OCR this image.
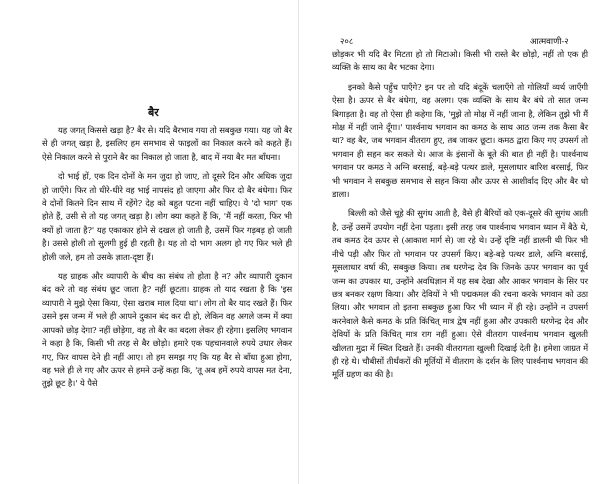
बैर

यह जगत् किससे खड़ा है? बैर से। यदि बैरभाव गया तो सबकुछ गया। यह जो बैर से ही जगत् खड़ा है, इसलिए हम समभाव से फाइलों का निकाल करने को कहते हैं। ऐसे निकाल करने से पुराने बैर का निकाल हो जाता है, बाद में नया बैर मत बाँधना।

दो भाई हों, एक दिन दोनों के मन जुदा हो जाए, तो दूसरे दिन और अधिक जुदा हो जाएँगे। फिर तो धीरे-धीरे वह भाई नापसंद हो जाएगा और फिर दो बैर बंधेगा। फिर वे दोनों कितने दिन साथ में रहेंगे? देह को बहुत पटना नहीं चाहिए। ये 'दो भाग' एक होते हैं, उसी से तो यह जगत् खड़ा है। लोग क्या कहते हैं कि, 'मैं नहीं करता, फिर भी क्यों हो जाता है?' यह एकाकार होने से दखल हो जाती है, उसमें फिर गड़बड़ हो जाती है। उससे होली तो सुलगी हुई ही रहती है। यह तो दो भाग अलग हो गए फिर भले ही होली जले, हम तो उसके ज्ञाता-दृष्टा हैं।

यह ग्राहक और व्यापारी के बीच का संबंध तो होता है न? और व्यापारी दुकान बंद करे तो वह संबंध छूट जाता है? नहीं छूटता। ग्राहक तो याद रखता है कि 'इस व्यापारी ने मुझे ऐसा किया, ऐसा खराब माल दिया था'। लोग तो बैर याद रखते हैं। फिर उसने इस जन्म में भले ही आपने दुकान बंद कर दी हो, लेकिन वह अगले जन्म में क्या आपको छोड़ देगा? नहीं छोड़ेगा, वह तो बैर का बदला लेकर ही रहेगा। इसलिए भगवान ने कहा है कि, किसी भी तरह से बैर छोड़ो। हमारे एक पहचानवाले रुपये उधार लेकर गए, फिर वापस देने ही नहीं आए। तो हम समझ गए कि यह बैर से बाँधा हुआ होगा, वह भले ही ले गए और ऊपर से हमने उन्हें कहा कि, 'तू अब हमें रुपये वापस मत देना, तुझे छूट है।' ये पैसे

२०८	आत्मवाणी-२

छोड़कर भी यदि बैर मिटता हो तो मिटाओ। किसी भी रास्ते बैर छोड़ो, नहीं तो एक ही व्यक्ति के साथ का बैर भटका देगा।

इनको कैसे पहुँच पाएँगे? इन पर तो यदि बंदूकें चलाएँगे तो गोलियाँ व्यर्थ जाएँगी ऐसा है। ऊपर से बैर बंधेगा, वह अलग। एक व्यक्ति के साथ बैर बंधे तो सात जन्म बिगाड़ता है। वह तो ऐसा ही कहेगा कि, 'मुझे तो मोक्ष में नहीं जाना है, लेकिन तुझे भी मैं मोक्ष में नहीं जाने दूँगा।' पार्श्वनाथ भगवान का कमठ के साथ आठ जन्म तक कैसा बैर था? वह बैर, जब भगवान वीतराग हुए, तब जाकर छूटा। कमठ द्वारा किए गए उपसर्ग तो भगवान ही सहन कर सकते थे। आज के इंसानों के बूते की बात ही नहीं है। पार्श्वनाथ भगवान पर कमठ ने अग्नि बरसाई, बड़े-बड़े पत्थर डाले, मूसलाधार बारिश बरसाई, फिर भी भगवान ने सबकुछ समभाव से सहन किया और ऊपर से आशीर्वाद दिए और बैर धो डाला।

बिल्ली को जैसे चूहे की सुगंध आती है, वैसे ही बैरियों को एक-दूसरे की सुगंध आती है, उन्हें उसमें उपयोग नहीं देना पड़ता। इसी तरह जब पार्श्वनाथ भगवान ध्यान में बैठे थे, तब कमठ देव ऊपर से (आकाश मार्ग से) जा रहे थे। उन्हें दृष्टि नहीं डालनी थी फिर भी नीचे पड़ी और फिर तो भगवान पर उपसर्ग किए। बड़े-बड़े पत्थर डाले, अग्नि बरसाई, मूसलाधार वर्षा की, सबकुछ किया। तब धरणेन्द्र देव कि जिनके ऊपर भगवान का पूर्व जन्म का उपकार था, उन्होंने अवधिज्ञान में यह सब देखा और आकर भगवान के सिर पर छत्र बनकर रक्षण किया। और देवियों ने भी पद्मकमल की रचना करके भगवान को उठा लिया। और भगवान तो इतना सबकुछ हुआ फिर भी ध्यान में ही रहे। उन्होंने न उपसर्ग करनेवाले कैसे कमठ के प्रति किंचित् मात्र द्वेष नहीं हुआ और उपकारी धरणेन्द्र देव और देवियों के प्रति किंचित् मात्र राग नहीं हुआ। ऐसे वीतराग पार्श्वनाथ भगवान खुलती खीलता मुद्रा में स्थित दिखते हैं। उनकी वीतरागता खुल्ली दिखाई देती है। हमेशा जाग्रत में ही रहे थे। चौबीसों तीर्थंकरों की मूर्तियों में वीतराग के दर्शन के लिए पार्श्वनाथ भगवान की मूर्ति ग्रहण का की है।
